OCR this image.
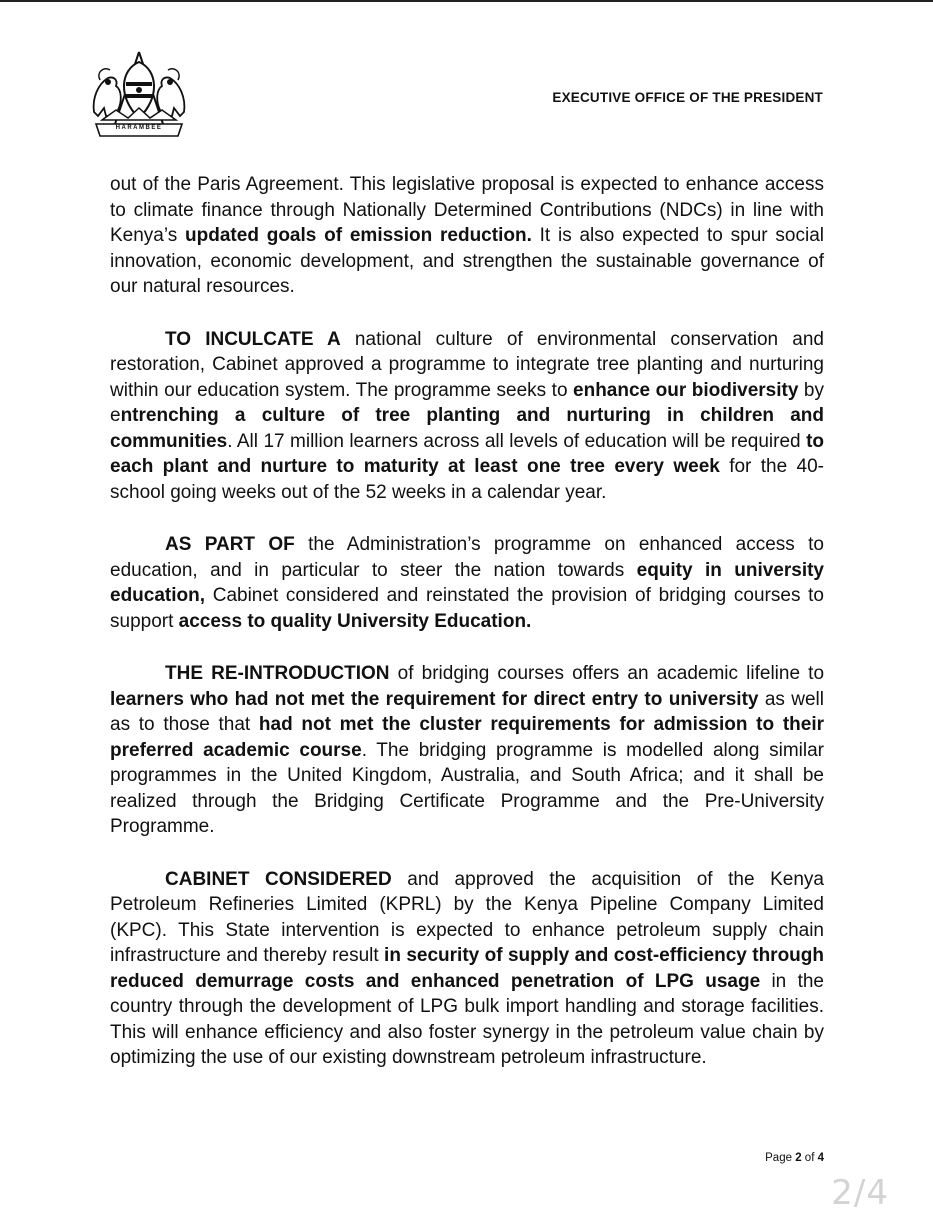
HARAMBEE
EXECUTIVE OFFICE OF THE PRESIDENT

out of the Paris Agreement. This legislative proposal is expected to enhance access to climate finance through Nationally Determined Contributions (NDCs) in line with Kenya’s updated goals of emission reduction. It is also expected to spur social innovation, economic development, and strengthen the sustainable governance of our natural resources.

TO INCULCATE A national culture of environmental conservation and restoration, Cabinet approved a programme to integrate tree planting and nurturing within our education system. The programme seeks to enhance our biodiversity by entrenching a culture of tree planting and nurturing in children and communities. All 17 million learners across all levels of education will be required to each plant and nurture to maturity at least one tree every week for the 40- school going weeks out of the 52 weeks in a calendar year.

AS PART OF the Administration’s programme on enhanced access to education, and in particular to steer the nation towards equity in university education, Cabinet considered and reinstated the provision of bridging courses to support access to quality University Education.

THE RE-INTRODUCTION of bridging courses offers an academic lifeline to learners who had not met the requirement for direct entry to university as well as to those that had not met the cluster requirements for admission to their preferred academic course. The bridging programme is modelled along similar programmes in the United Kingdom, Australia, and South Africa; and it shall be realized through the Bridging Certificate Programme and the Pre-University Programme.

CABINET CONSIDERED and approved the acquisition of the Kenya Petroleum Refineries Limited (KPRL) by the Kenya Pipeline Company Limited (KPC). This State intervention is expected to enhance petroleum supply chain infrastructure and thereby result in security of supply and cost-efficiency through reduced demurrage costs and enhanced penetration of LPG usage in the country through the development of LPG bulk import handling and storage facilities. This will enhance efficiency and also foster synergy in the petroleum value chain by optimizing the use of our existing downstream petroleum infrastructure.

Page 2 of 4
2/4
